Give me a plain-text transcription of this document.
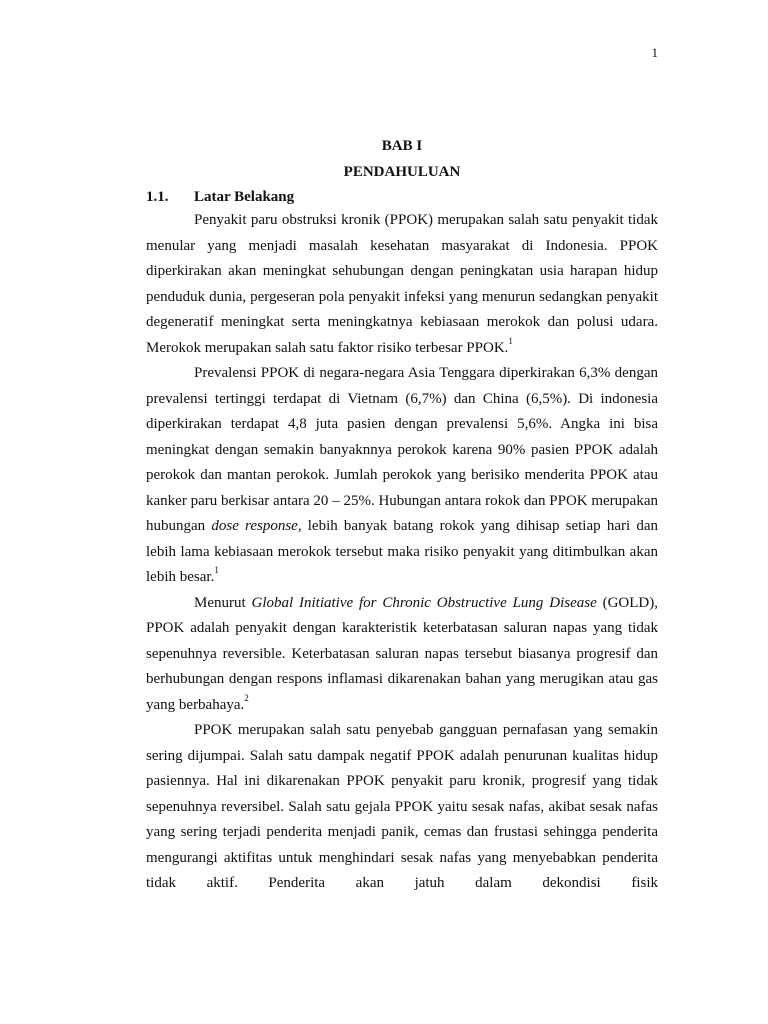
1
BAB I
PENDAHULUAN
1.1. Latar Belakang

Penyakit paru obstruksi kronik (PPOK) merupakan salah satu penyakit tidak menular yang menjadi masalah kesehatan masyarakat di Indonesia. PPOK diperkirakan akan meningkat sehubungan dengan peningkatan usia harapan hidup penduduk dunia, pergeseran pola penyakit infeksi yang menurun sedangkan penyakit degeneratif meningkat serta meningkatnya kebiasaan merokok dan polusi udara. Merokok merupakan salah satu faktor risiko terbesar PPOK.$^1$

Prevalensi PPOK di negara-negara Asia Tenggara diperkirakan 6,3% dengan prevalensi tertinggi terdapat di Vietnam (6,7%) dan China (6,5%). Di indonesia diperkirakan terdapat 4,8 juta pasien dengan prevalensi 5,6%. Angka ini bisa meningkat dengan semakin banyaknnya perokok karena 90% pasien PPOK adalah perokok dan mantan perokok. Jumlah perokok yang berisiko menderita PPOK atau kanker paru berkisar antara 20 – 25%. Hubungan antara rokok dan PPOK merupakan hubungan dose response, lebih banyak batang rokok yang dihisap setiap hari dan lebih lama kebiasaan merokok tersebut maka risiko penyakit yang ditimbulkan akan lebih besar.$^1$

Menurut Global Initiative for Chronic Obstructive Lung Disease (GOLD), PPOK adalah penyakit dengan karakteristik keterbatasan saluran napas yang tidak sepenuhnya reversible. Keterbatasan saluran napas tersebut biasanya progresif dan berhubungan dengan respons inflamasi dikarenakan bahan yang merugikan atau gas yang berbahaya.$^2$

PPOK merupakan salah satu penyebab gangguan pernafasan yang semakin sering dijumpai. Salah satu dampak negatif PPOK adalah penurunan kualitas hidup pasiennya. Hal ini dikarenakan PPOK penyakit paru kronik, progresif yang tidak sepenuhnya reversibel. Salah satu gejala PPOK yaitu sesak nafas, akibat sesak nafas yang sering terjadi penderita menjadi panik, cemas dan frustasi sehingga penderita mengurangi aktifitas untuk menghindari sesak nafas yang menyebabkan penderita tidak aktif. Penderita akan jatuh dalam dekondisi fisik
